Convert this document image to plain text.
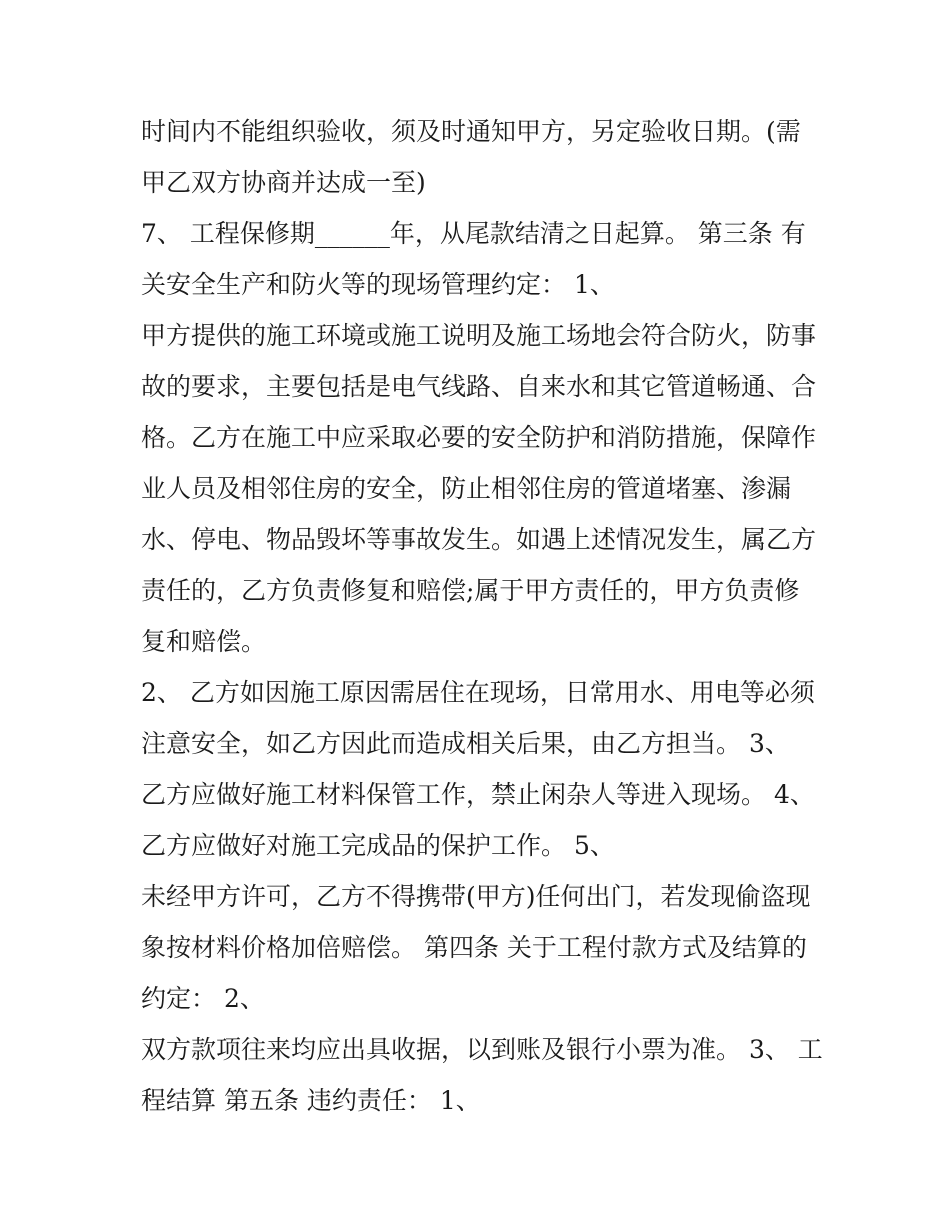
时间内不能组织验收，须及时通知甲方，另定验收日期。(需
甲乙双方协商并达成一至)
7、 工程保修期______年，从尾款结清之日起算。 第三条 有
关安全生产和防火等的现场管理约定： 1、
甲方提供的施工环境或施工说明及施工场地会符合防火，防事
故的要求，主要包括是电气线路、自来水和其它管道畅通、合
格。乙方在施工中应采取必要的安全防护和消防措施，保障作
业人员及相邻住房的安全，防止相邻住房的管道堵塞、渗漏
水、停电、物品毁坏等事故发生。如遇上述情况发生，属乙方
责任的，乙方负责修复和赔偿;属于甲方责任的，甲方负责修
复和赔偿。
2、 乙方如因施工原因需居住在现场，日常用水、用电等必须
注意安全，如乙方因此而造成相关后果，由乙方担当。 3、
乙方应做好施工材料保管工作，禁止闲杂人等进入现场。 4、
乙方应做好对施工完成品的保护工作。 5、
未经甲方许可，乙方不得携带(甲方)任何出门，若发现偷盗现
象按材料价格加倍赔偿。 第四条 关于工程付款方式及结算的
约定： 2、
双方款项往来均应出具收据，以到账及银行小票为准。 3、 工
程结算 第五条 违约责任： 1、
